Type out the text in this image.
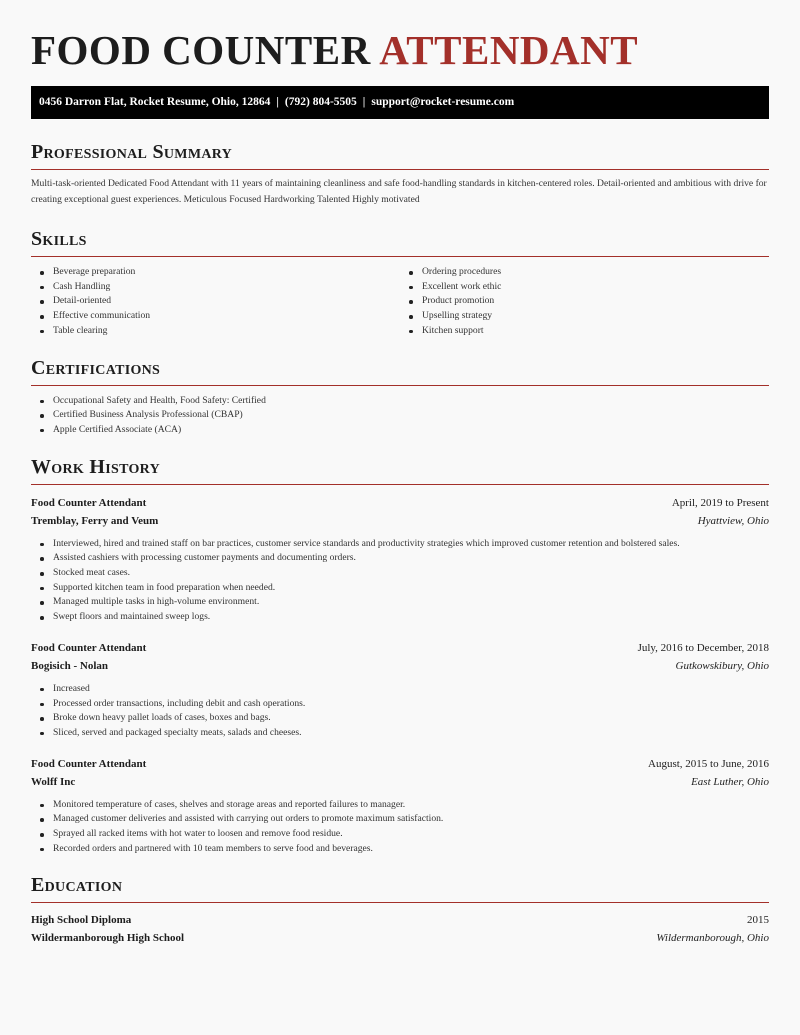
FOOD COUNTER ATTENDANT
0456 Darron Flat, Rocket Resume, Ohio, 12864 | (792) 804-5505 | support@rocket-resume.com
Professional Summary
Multi-task-oriented Dedicated Food Attendant with 11 years of maintaining cleanliness and safe food-handling standards in kitchen-centered roles. Detail-oriented and ambitious with drive for creating exceptional guest experiences. Meticulous Focused Hardworking Talented Highly motivated
Skills
Beverage preparation
Cash Handling
Detail-oriented
Effective communication
Table clearing
Ordering procedures
Excellent work ethic
Product promotion
Upselling strategy
Kitchen support
Certifications
Occupational Safety and Health, Food Safety: Certified
Certified Business Analysis Professional (CBAP)
Apple Certified Associate (ACA)
Work History
Food Counter Attendant	April, 2019 to Present
Tremblay, Ferry and Veum	Hyattview, Ohio
Interviewed, hired and trained staff on bar practices, customer service standards and productivity strategies which improved customer retention and bolstered sales.
Assisted cashiers with processing customer payments and documenting orders.
Stocked meat cases.
Supported kitchen team in food preparation when needed.
Managed multiple tasks in high-volume environment.
Swept floors and maintained sweep logs.
Food Counter Attendant	July, 2016 to December, 2018
Bogisich - Nolan	Gutkowskibury, Ohio
Increased
Processed order transactions, including debit and cash operations.
Broke down heavy pallet loads of cases, boxes and bags.
Sliced, served and packaged specialty meats, salads and cheeses.
Food Counter Attendant	August, 2015 to June, 2016
Wolff Inc	East Luther, Ohio
Monitored temperature of cases, shelves and storage areas and reported failures to manager.
Managed customer deliveries and assisted with carrying out orders to promote maximum satisfaction.
Sprayed all racked items with hot water to loosen and remove food residue.
Recorded orders and partnered with 10 team members to serve food and beverages.
Education
High School Diploma	2015
Wildermanborough High School	Wildermanborough, Ohio
